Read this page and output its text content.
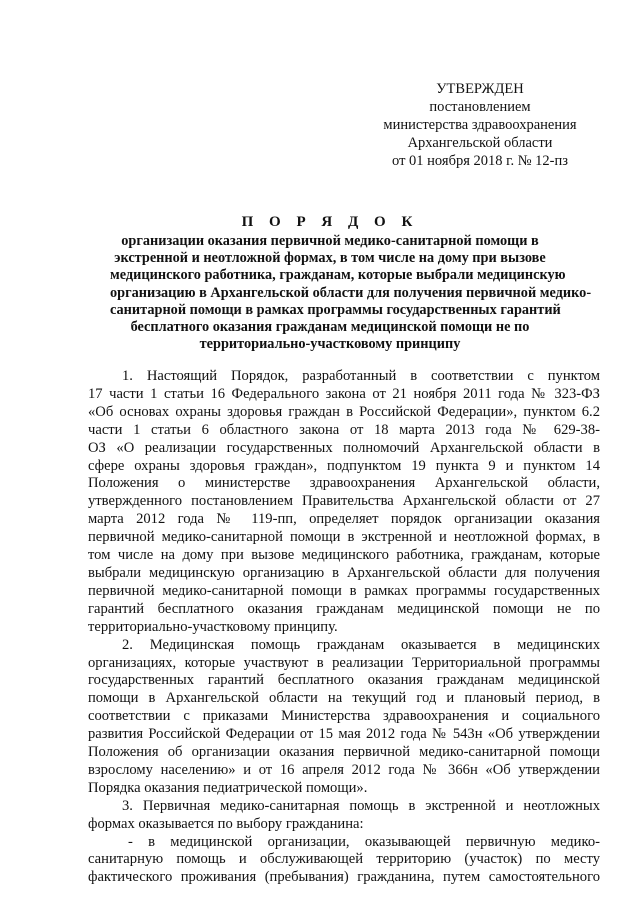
УТВЕРЖДЕН
постановлением
министерства здравоохранения
Архангельской области
от 01 ноября 2018 г. № 12-пз
П О Р Я Д О К
организации оказания первичной медико-санитарной помощи в
экстренной и неотложной формах, в том числе на дому при вызове
медицинского работника, гражданам, которые выбрали медицинскую
организацию в Архангельской области для получения первичной медико-
санитарной помощи в рамках программы государственных гарантий
бесплатного оказания гражданам медицинской помощи не по
территориально-участковому принципу
1. Настоящий Порядок, разработанный в соответствии с пунктом
17 части 1 статьи 16 Федерального закона от 21 ноября 2011 года № 323-ФЗ
«Об основах охраны здоровья граждан в Российской Федерации», пунктом 6.2
части 1 статьи 6 областного закона от 18 марта 2013 года № 629-38-
ОЗ «О реализации государственных полномочий Архангельской области в
сфере охраны здоровья граждан», подпунктом 19 пункта 9 и пунктом 14
Положения о министерстве здравоохранения Архангельской области,
утвержденного постановлением Правительства Архангельской области от 27
марта 2012 года № 119-пп, определяет порядок организации оказания
первичной медико-санитарной помощи в экстренной и неотложной формах, в
том числе на дому при вызове медицинского работника, гражданам, которые
выбрали медицинскую организацию в Архангельской области для получения
первичной медико-санитарной помощи в рамках программы государственных
гарантий бесплатного оказания гражданам медицинской помощи не по
территориально-участковому принципу.
2. Медицинская помощь гражданам оказывается в медицинских
организациях, которые участвуют в реализации Территориальной программы
государственных гарантий бесплатного оказания гражданам медицинской
помощи в Архангельской области на текущий год и плановый период, в
соответствии с приказами Министерства здравоохранения и социального
развития Российской Федерации от 15 мая 2012 года № 543н «Об утверждении
Положения об организации оказания первичной медико-санитарной помощи
взрослому населению» и от 16 апреля 2012 года № 366н «Об утверждении
Порядка оказания педиатрической помощи».
3. Первичная медико-санитарная помощь в экстренной и неотложных
формах оказывается по выбору гражданина:
- в медицинской организации, оказывающей первичную медико-
санитарную помощь и обслуживающей территорию (участок) по месту
фактического проживания (пребывания) гражданина, путем самостоятельного
